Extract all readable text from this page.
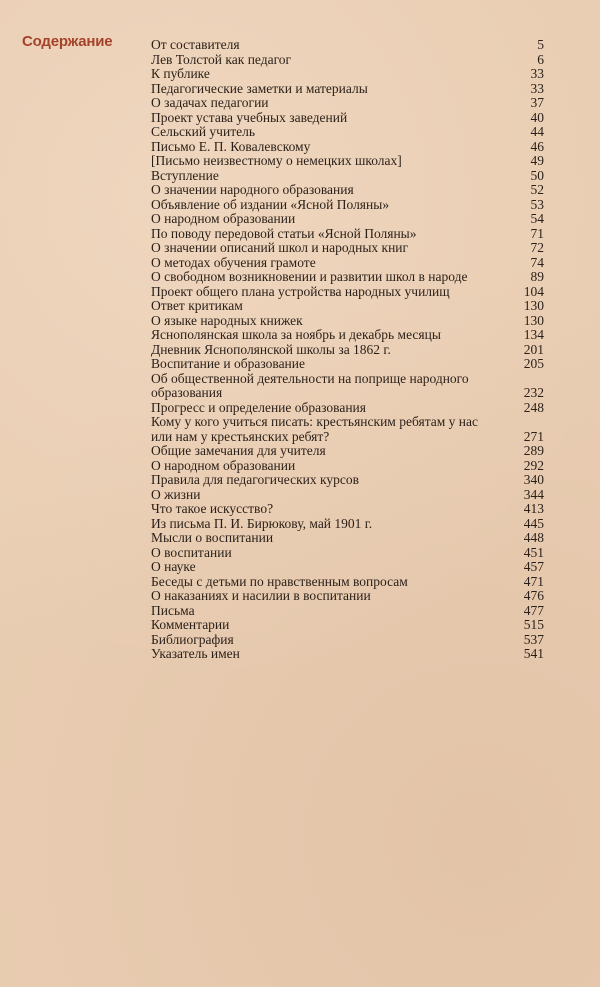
Содержание	От составителя	5
Лев Толстой как педагог	6
К публике	33
Педагогические заметки и материалы	33
О задачах педагогии	37
Проект устава учебных заведений	40
Сельский учитель	44
Письмо Е. П. Ковалевскому	46
[Письмо неизвестному о немецких школах]	49
Вступление	50
О значении народного образования	52
Объявление об издании «Ясной Поляны»	53
О народном образовании	54
По поводу передовой статьи «Ясной Поляны»	71
О значении описаний школ и народных книг	72
О методах обучения грамоте	74
О свободном возникновении и развитии школ в народе	89
Проект общего плана устройства народных училищ	104
Ответ критикам	130
О языке народных книжек	130
Яснополянская школа за ноябрь и декабрь месяцы	134
Дневник Яснополянской школы за 1862 г.	201
Воспитание и образование	205
Об общественной деятельности на поприще народного образования	232
Прогресс и определение образования	248
Кому у кого учиться писать: крестьянским ребятам у нас или нам у крестьянских ребят?	271
Общие замечания для учителя	289
О народном образовании	292
Правила для педагогических курсов	340
О жизни	344
Что такое искусство?	413
Из письма П. И. Бирюкову, май 1901 г.	445
Мысли о воспитании	448
О воспитании	451
О науке	457
Беседы с детьми по нравственным вопросам	471
О наказаниях и насилии в воспитании	476
Письма	477
Комментарии	515
Библиография	537
Указатель имен	541
